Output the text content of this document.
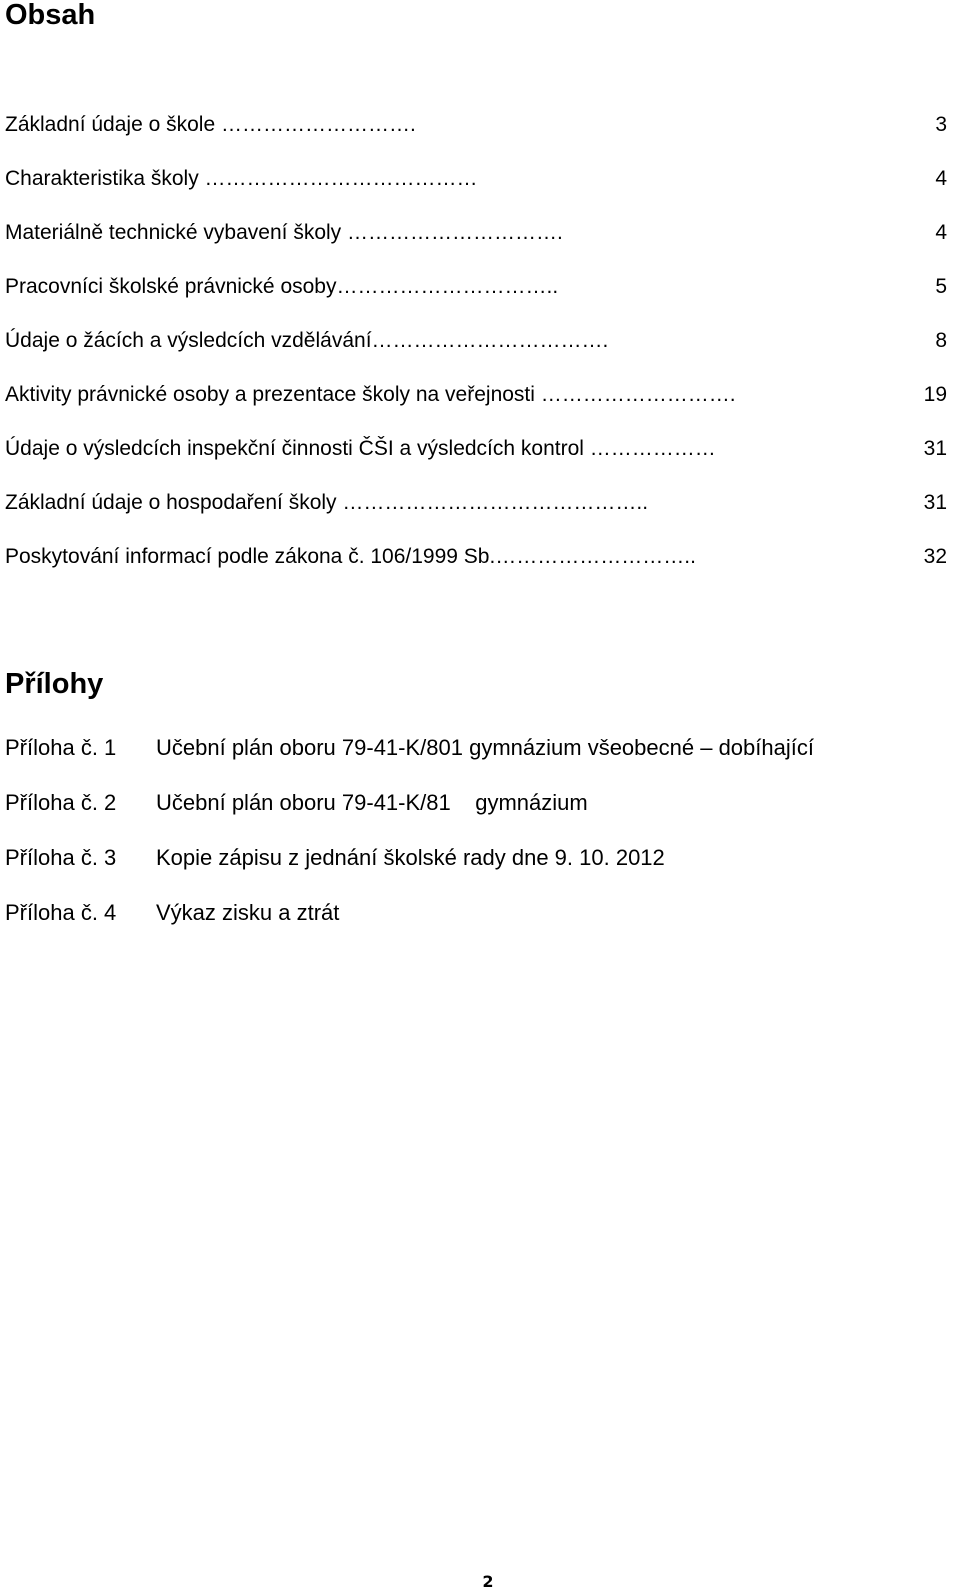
Obsah
Základní údaje o škole ……………………….	3
Charakteristika školy …………………………………	4
Materiálně technické vybavení školy ………………………….	4
Pracovníci školské právnické osoby…………………………..	5
Údaje o žácích a výsledcích vzdělávání…………………………….	8
Aktivity právnické osoby a prezentace školy na veřejnosti ……………………….	19
Údaje o výsledcích inspekční činnosti ČŠI a výsledcích kontrol ………………	31
Základní údaje o hospodaření školy ……………………………………..	31
Poskytování informací podle zákona č. 106/1999 Sb.………………………..	32
Přílohy
Příloha č. 1 Učební plán oboru 79-41-K/801 gymnázium všeobecné – dobíhající
Příloha č. 2 Učební plán oboru 79-41-K/81    gymnázium
Příloha č. 3 Kopie zápisu z jednání školské rady dne 9. 10. 2012
Příloha č. 4 Výkaz zisku a ztrát
2
